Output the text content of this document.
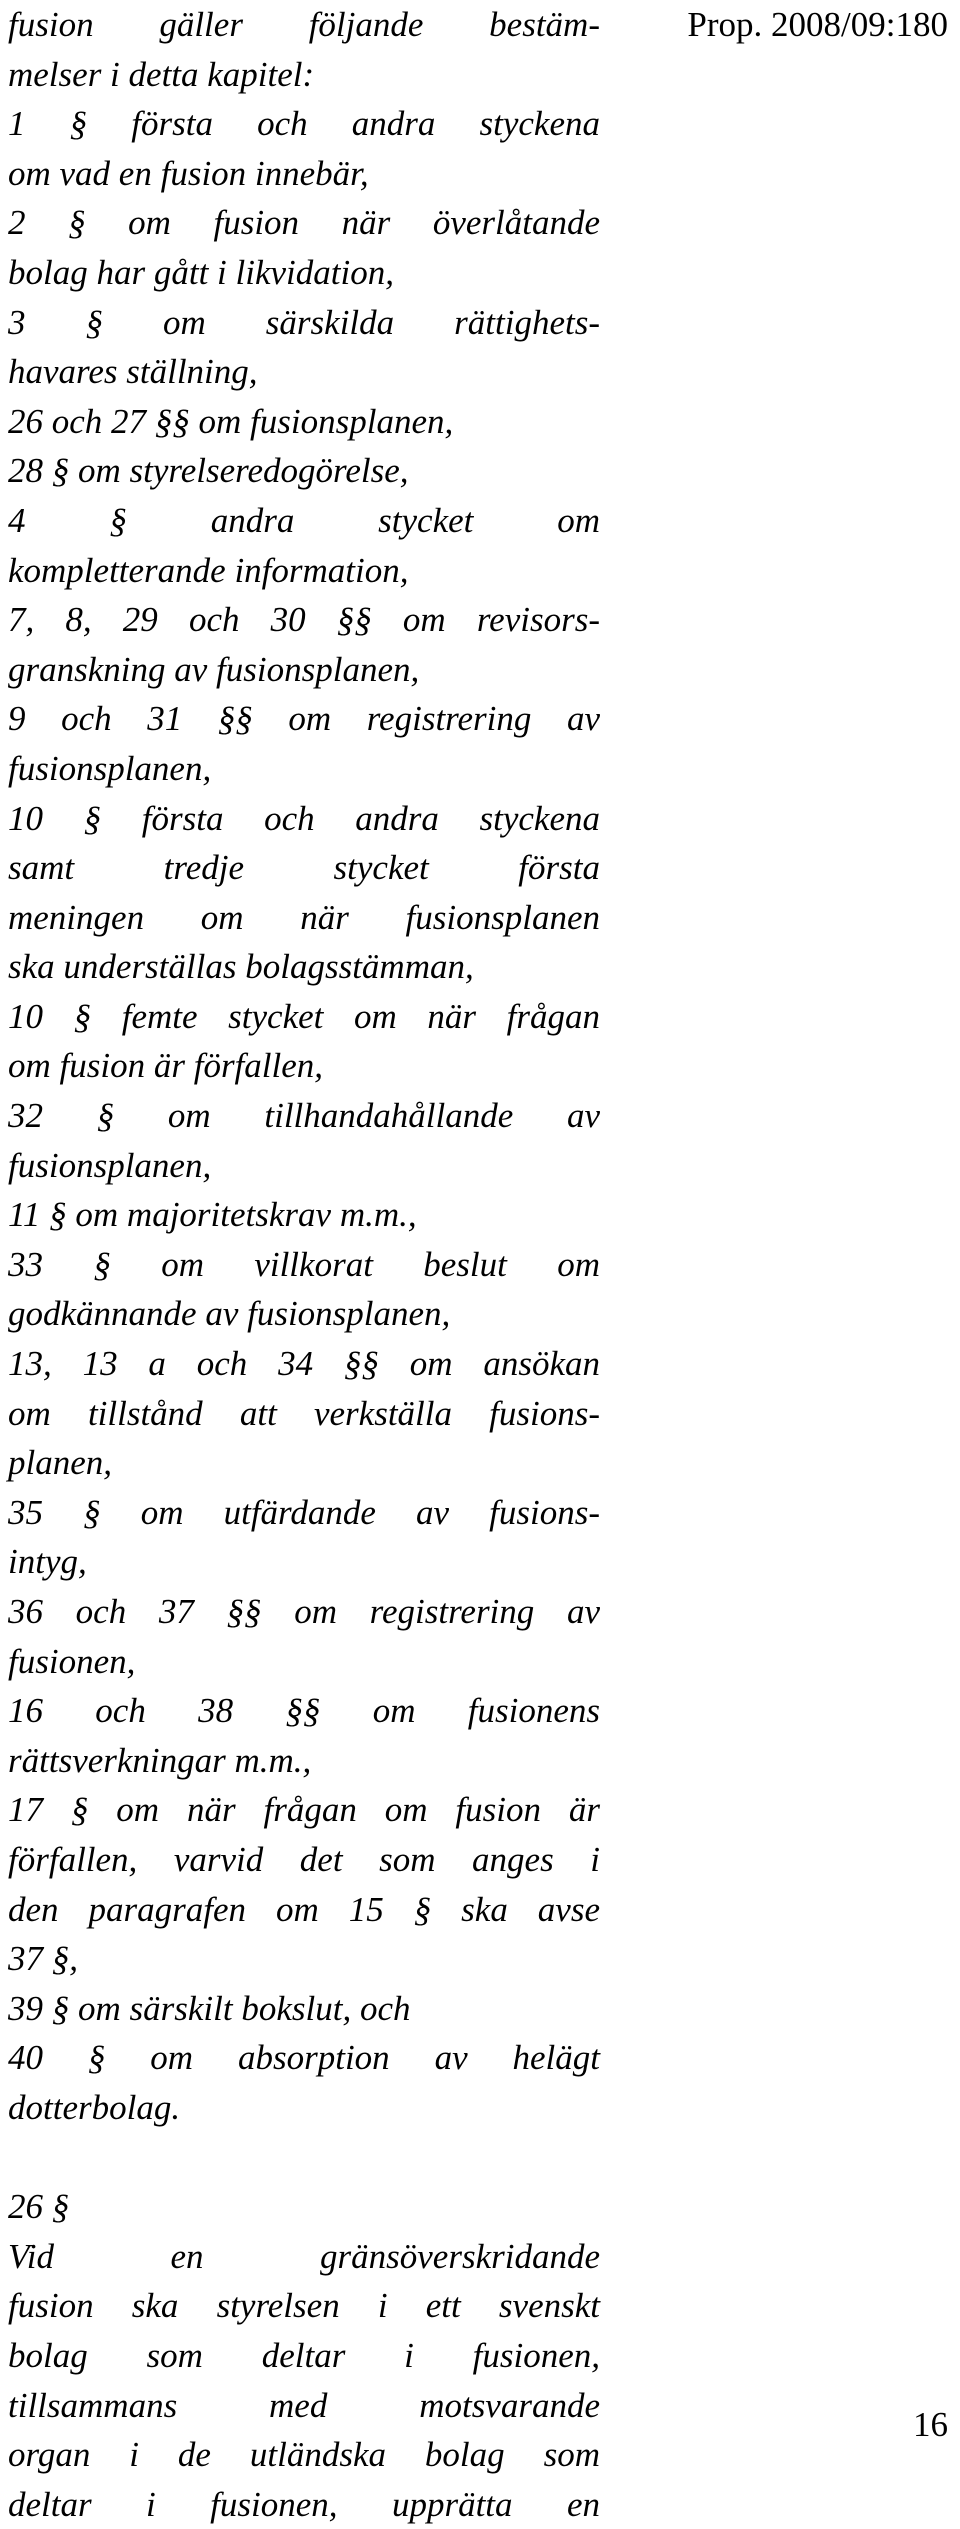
Prop. 2008/09:180
fusion gäller följande bestäm-
melser i detta kapitel:
1 § första och andra styckena
om vad en fusion innebär,
2 § om fusion när överlåtande
bolag har gått i likvidation,
3 § om särskilda rättighets-
havares ställning,
26 och 27 §§ om fusionsplanen,
28 § om styrelseredogörelse,
4 § andra stycket om
kompletterande information,
7, 8, 29 och 30 §§ om revisors-
granskning av fusionsplanen,
9 och 31 §§ om registrering av
fusionsplanen,
10 § första och andra styckena
samt tredje stycket första
meningen om när fusionsplanen
ska underställas bolagsstämman,
10 § femte stycket om när frågan
om fusion är förfallen,
32 § om tillhandahållande av
fusionsplanen,
11 § om majoritetskrav m.m.,
33 § om villkorat beslut om
godkännande av fusionsplanen,
13, 13 a och 34 §§ om ansökan
om tillstånd att verkställa fusions-
planen,
35 § om utfärdande av fusions-
intyg,
36 och 37 §§ om registrering av
fusionen,
16 och 38 §§ om fusionens
rättsverkningar m.m.,
17 § om när frågan om fusion är
förfallen, varvid det som anges i
den paragrafen om 15 § ska avse
37 §,
39 § om särskilt bokslut, och
40 § om absorption av helägt
dotterbolag.
26 §
Vid en gränsöverskridande
fusion ska styrelsen i ett svenskt
bolag som deltar i fusionen,
tillsammans med motsvarande
organ i de utländska bolag som
deltar i fusionen, upprätta en
16
